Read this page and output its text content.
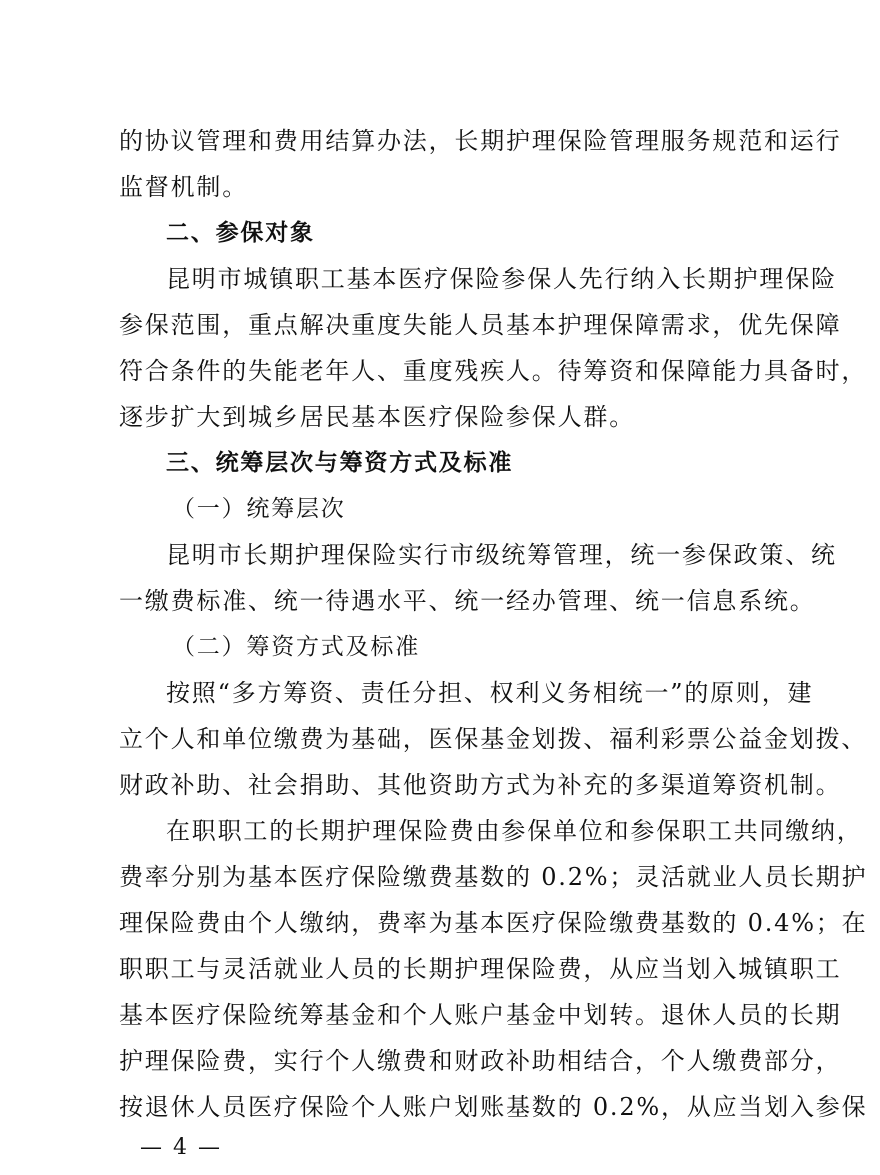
的协议管理和费用结算办法，长期护理保险管理服务规范和运行
监督机制。
二、参保对象
昆明市城镇职工基本医疗保险参保人先行纳入长期护理保险
参保范围，重点解决重度失能人员基本护理保障需求，优先保障
符合条件的失能老年人、重度残疾人。待筹资和保障能力具备时，
逐步扩大到城乡居民基本医疗保险参保人群。
三、统筹层次与筹资方式及标准
（一）统筹层次
昆明市长期护理保险实行市级统筹管理，统一参保政策、统
一缴费标准、统一待遇水平、统一经办管理、统一信息系统。
（二）筹资方式及标准
按照“多方筹资、责任分担、权利义务相统一”的原则，建
立个人和单位缴费为基础，医保基金划拨、福利彩票公益金划拨、
财政补助、社会捐助、其他资助方式为补充的多渠道筹资机制。
在职职工的长期护理保险费由参保单位和参保职工共同缴纳，
费率分别为基本医疗保险缴费基数的 0.2%；灵活就业人员长期护
理保险费由个人缴纳，费率为基本医疗保险缴费基数的 0.4%；在
职职工与灵活就业人员的长期护理保险费，从应当划入城镇职工
基本医疗保险统筹基金和个人账户基金中划转。退休人员的长期
护理保险费，实行个人缴费和财政补助相结合，个人缴费部分，
按退休人员医疗保险个人账户划账基数的 0.2%，从应当划入参保
— 4 —
